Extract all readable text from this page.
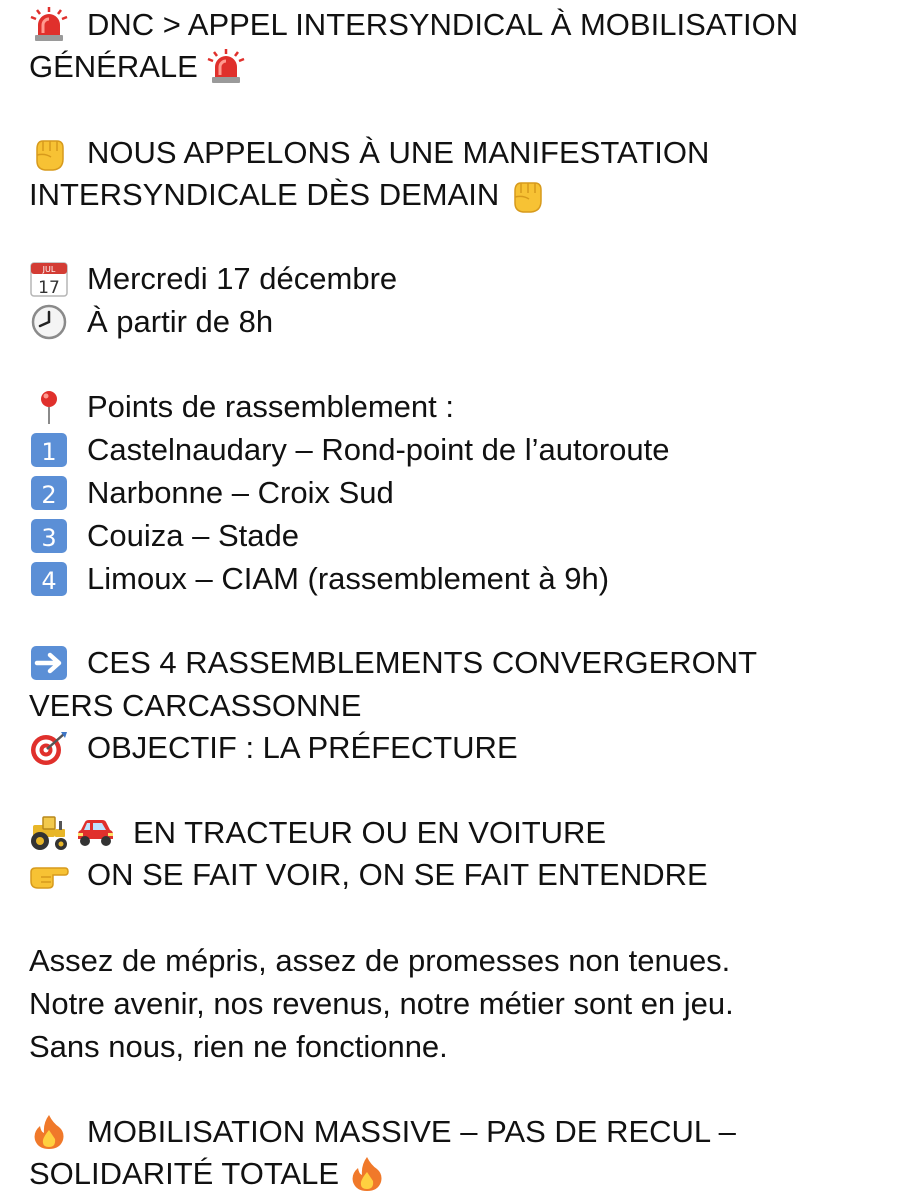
DNC > APPEL INTERSYNDICAL À MOBILISATION
GÉNÉRALE
NOUS APPELONS À UNE MANIFESTATION
INTERSYNDICALE DÈS DEMAIN
JUL
17 Mercredi 17 décembre
À partir de 8h
Points de rassemblement :
1 Castelnaudary – Rond-point de l’autoroute
2 Narbonne – Croix Sud
3 Couiza – Stade
4 Limoux – CIAM (rassemblement à 9h)
CES 4 RASSEMBLEMENTS CONVERGERONT
VERS CARCASSONNE
OBJECTIF : LA PRÉFECTURE
EN TRACTEUR OU EN VOITURE
ON SE FAIT VOIR, ON SE FAIT ENTENDRE
Assez de mépris, assez de promesses non tenues.
Notre avenir, nos revenus, notre métier sont en jeu.
Sans nous, rien ne fonctionne.
MOBILISATION MASSIVE – PAS DE RECUL –
SOLIDARITÉ TOTALE
